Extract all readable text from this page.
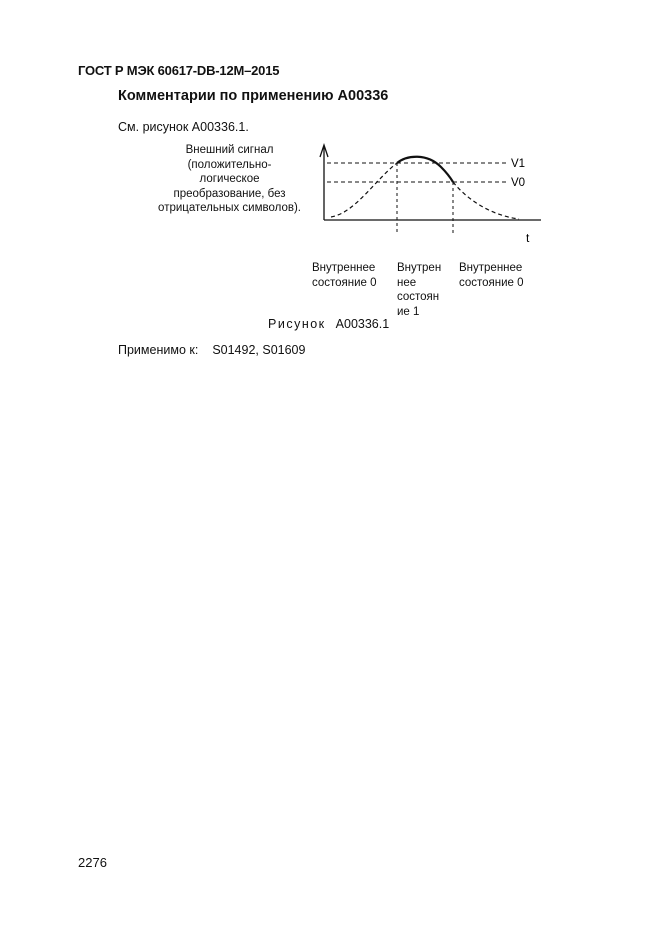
ГОСТ Р МЭК 60617-DB-12M–2015
Комментарии по применению A00336
См. рисунок A00336.1.
Внешний сигнал
(положительно-
логическое
преобразование, без
отрицательных символов).
t
V1
V0
Внутреннее
состояние 0
Внутрен
нее
состоян
ие 1
Внутреннее
состояние 0
Рисунок A00336.1
Применимо к: S01492, S01609
2276
